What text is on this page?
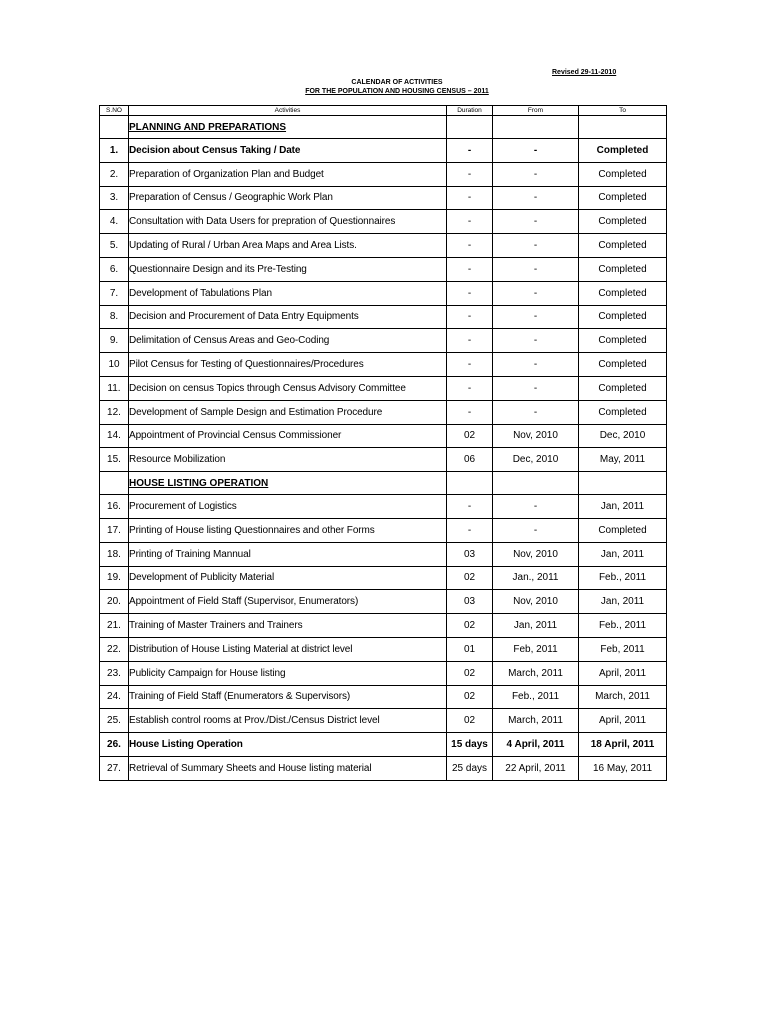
Revised 29-11-2010
CALENDAR OF ACTIVITIES
FOR THE POPULATION AND HOUSING CENSUS – 2011
S.NO	Activities	Duration	From	To
	PLANNING AND PREPARATIONS			
1.	Decision about Census Taking / Date	-	-	Completed
2.	Preparation of Organization Plan and Budget	-	-	Completed
3.	Preparation of Census / Geographic Work Plan	-	-	Completed
4.	Consultation with Data Users for prepration of Questionnaires	-	-	Completed
5.	Updating of Rural / Urban Area Maps and Area Lists.	-	-	Completed
6.	Questionnaire Design and its Pre-Testing	-	-	Completed
7.	Development of Tabulations Plan	-	-	Completed
8.	Decision and Procurement of Data Entry Equipments	-	-	Completed
9.	Delimitation of Census Areas and Geo-Coding	-	-	Completed
10	Pilot Census for Testing of Questionnaires/Procedures	-	-	Completed
11.	Decision on census Topics through Census Advisory Committee	-	-	Completed
12.	Development of Sample Design and Estimation Procedure	-	-	Completed
14.	Appointment of Provincial Census Commissioner	02	Nov, 2010	Dec, 2010
15.	Resource Mobilization	06	Dec, 2010	May, 2011
	HOUSE LISTING OPERATION			
16.	Procurement of Logistics	-	-	Jan, 2011
17.	Printing of House listing Questionnaires and other Forms	-	-	Completed
18.	Printing of Training Mannual	03	Nov, 2010	Jan, 2011
19.	Development of Publicity Material	02	Jan., 2011	Feb., 2011
20.	Appointment of Field Staff (Supervisor, Enumerators)	03	Nov, 2010	Jan, 2011
21.	Training of Master Trainers and Trainers	02	Jan, 2011	Feb., 2011
22.	Distribution of House Listing Material at district level	01	Feb, 2011	Feb, 2011
23.	Publicity Campaign for House listing	02	March, 2011	April, 2011
24.	Training of Field Staff (Enumerators & Supervisors)	02	Feb., 2011	March, 2011
25.	Establish control rooms at Prov./Dist./Census District level	02	March, 2011	April, 2011
26.	House Listing Operation	15 days	4 April, 2011	18 April, 2011
27.	Retrieval of Summary Sheets and House listing material	25 days	22 April, 2011	16 May, 2011
